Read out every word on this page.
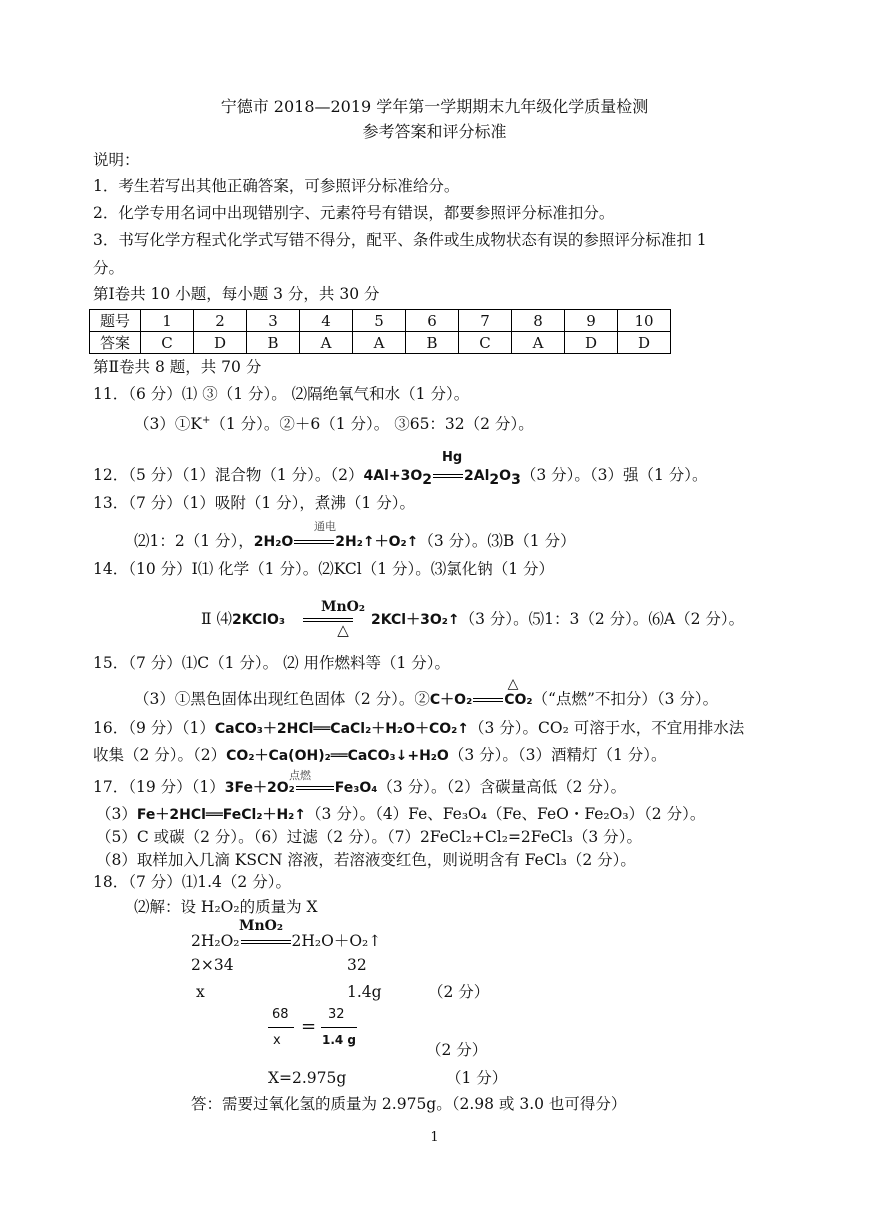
宁德市 2018—2019 学年第一学期期末九年级化学质量检测
参考答案和评分标准
说明：
1．考生若写出其他正确答案，可参照评分标准给分。
2．化学专用名词中出现错别字、元素符号有错误，都要参照评分标准扣分。
3．书写化学方程式化学式写错不得分，配平、条件或生成物状态有误的参照评分标准扣 1
分。
第Ⅰ卷共 10 小题，每小题 3 分，共 30 分
题号	1	2	3	4	5	6	7	8	9	10
答案	C	D	B	A	A	B	C	A	D	D
第Ⅱ卷共 8 题，共 70 分
11．（6 分）⑴ ③（1 分）。 ⑵隔绝氧气和水（1 分）。
（3）①K+（1 分）。②＋6（1 分）。 ③65：32（2 分）。
Hg
12．（5 分）（1）混合物（1 分）。$(2)4Al+3O_2$ $2Al_2O_3(3$ 分）。（3）强（1 分）。
13．（7 分）（1）吸附（1 分），煮沸（1 分）。
通电
⑵1：2（1 分），2H₂O	2H₂↑＋O₂↑（3 分）。⑶B（1 分）
14．（10 分）Ⅰ⑴ 化学（1 分）。⑵KCl（1 分）。⑶氯化钠（1 分）
MnO₂
Ⅱ ⑷2KClO₃	2KCl＋3O₂↑（3 分）。⑸1：3（2 分）。⑹A（2 分）。
△
15．（7 分）⑴C（1 分）。 ⑵ 用作燃料等（1 分）。
△
（3）①黑色固体出现红色固体（2 分）。②C＋O₂ CO₂（“点燃”不扣分）（3 分）。
16．（9 分）（1）CaCO₃＋2HCl══CaCl₂＋H₂O＋CO₂↑（3 分）。CO₂ 可溶于水，不宜用排水法
收集（2 分）。（2）CO₂＋Ca(OH)₂══CaCO₃↓+H₂O（3 分）。（3）酒精灯（1 分）。
点燃
17．（19 分）（1）3Fe＋2O₂	Fe₃O₄（3 分）。（2）含碳量高低（2 分）。
（3）Fe＋2HCl══FeCl₂＋H₂↑（3 分）。（4）Fe、Fe₃O₄（Fe、FeO・Fe₂O₃）（2 分）。
（5）C 或碳（2 分）。（6）过滤（2 分）。（7）2FeCl₂+Cl₂=2FeCl₃（3 分）。
（8）取样加入几滴 KSCN 溶液，若溶液变红色，则说明含有 FeCl₃（2 分）。
18．（7 分）⑴1.4（2 分）。
⑵解：设 H₂O₂的质量为 X
MnO₂
2H₂O₂	2H₂O＋O₂↑
2×34	32
x	1.4g	（2 分）
68
x
=
32
1.4 g
（2 分）
X=2.975g	（1 分）
答：需要过氧化氢的质量为 2.975g。（2.98 或 3.0 也可得分）
1
